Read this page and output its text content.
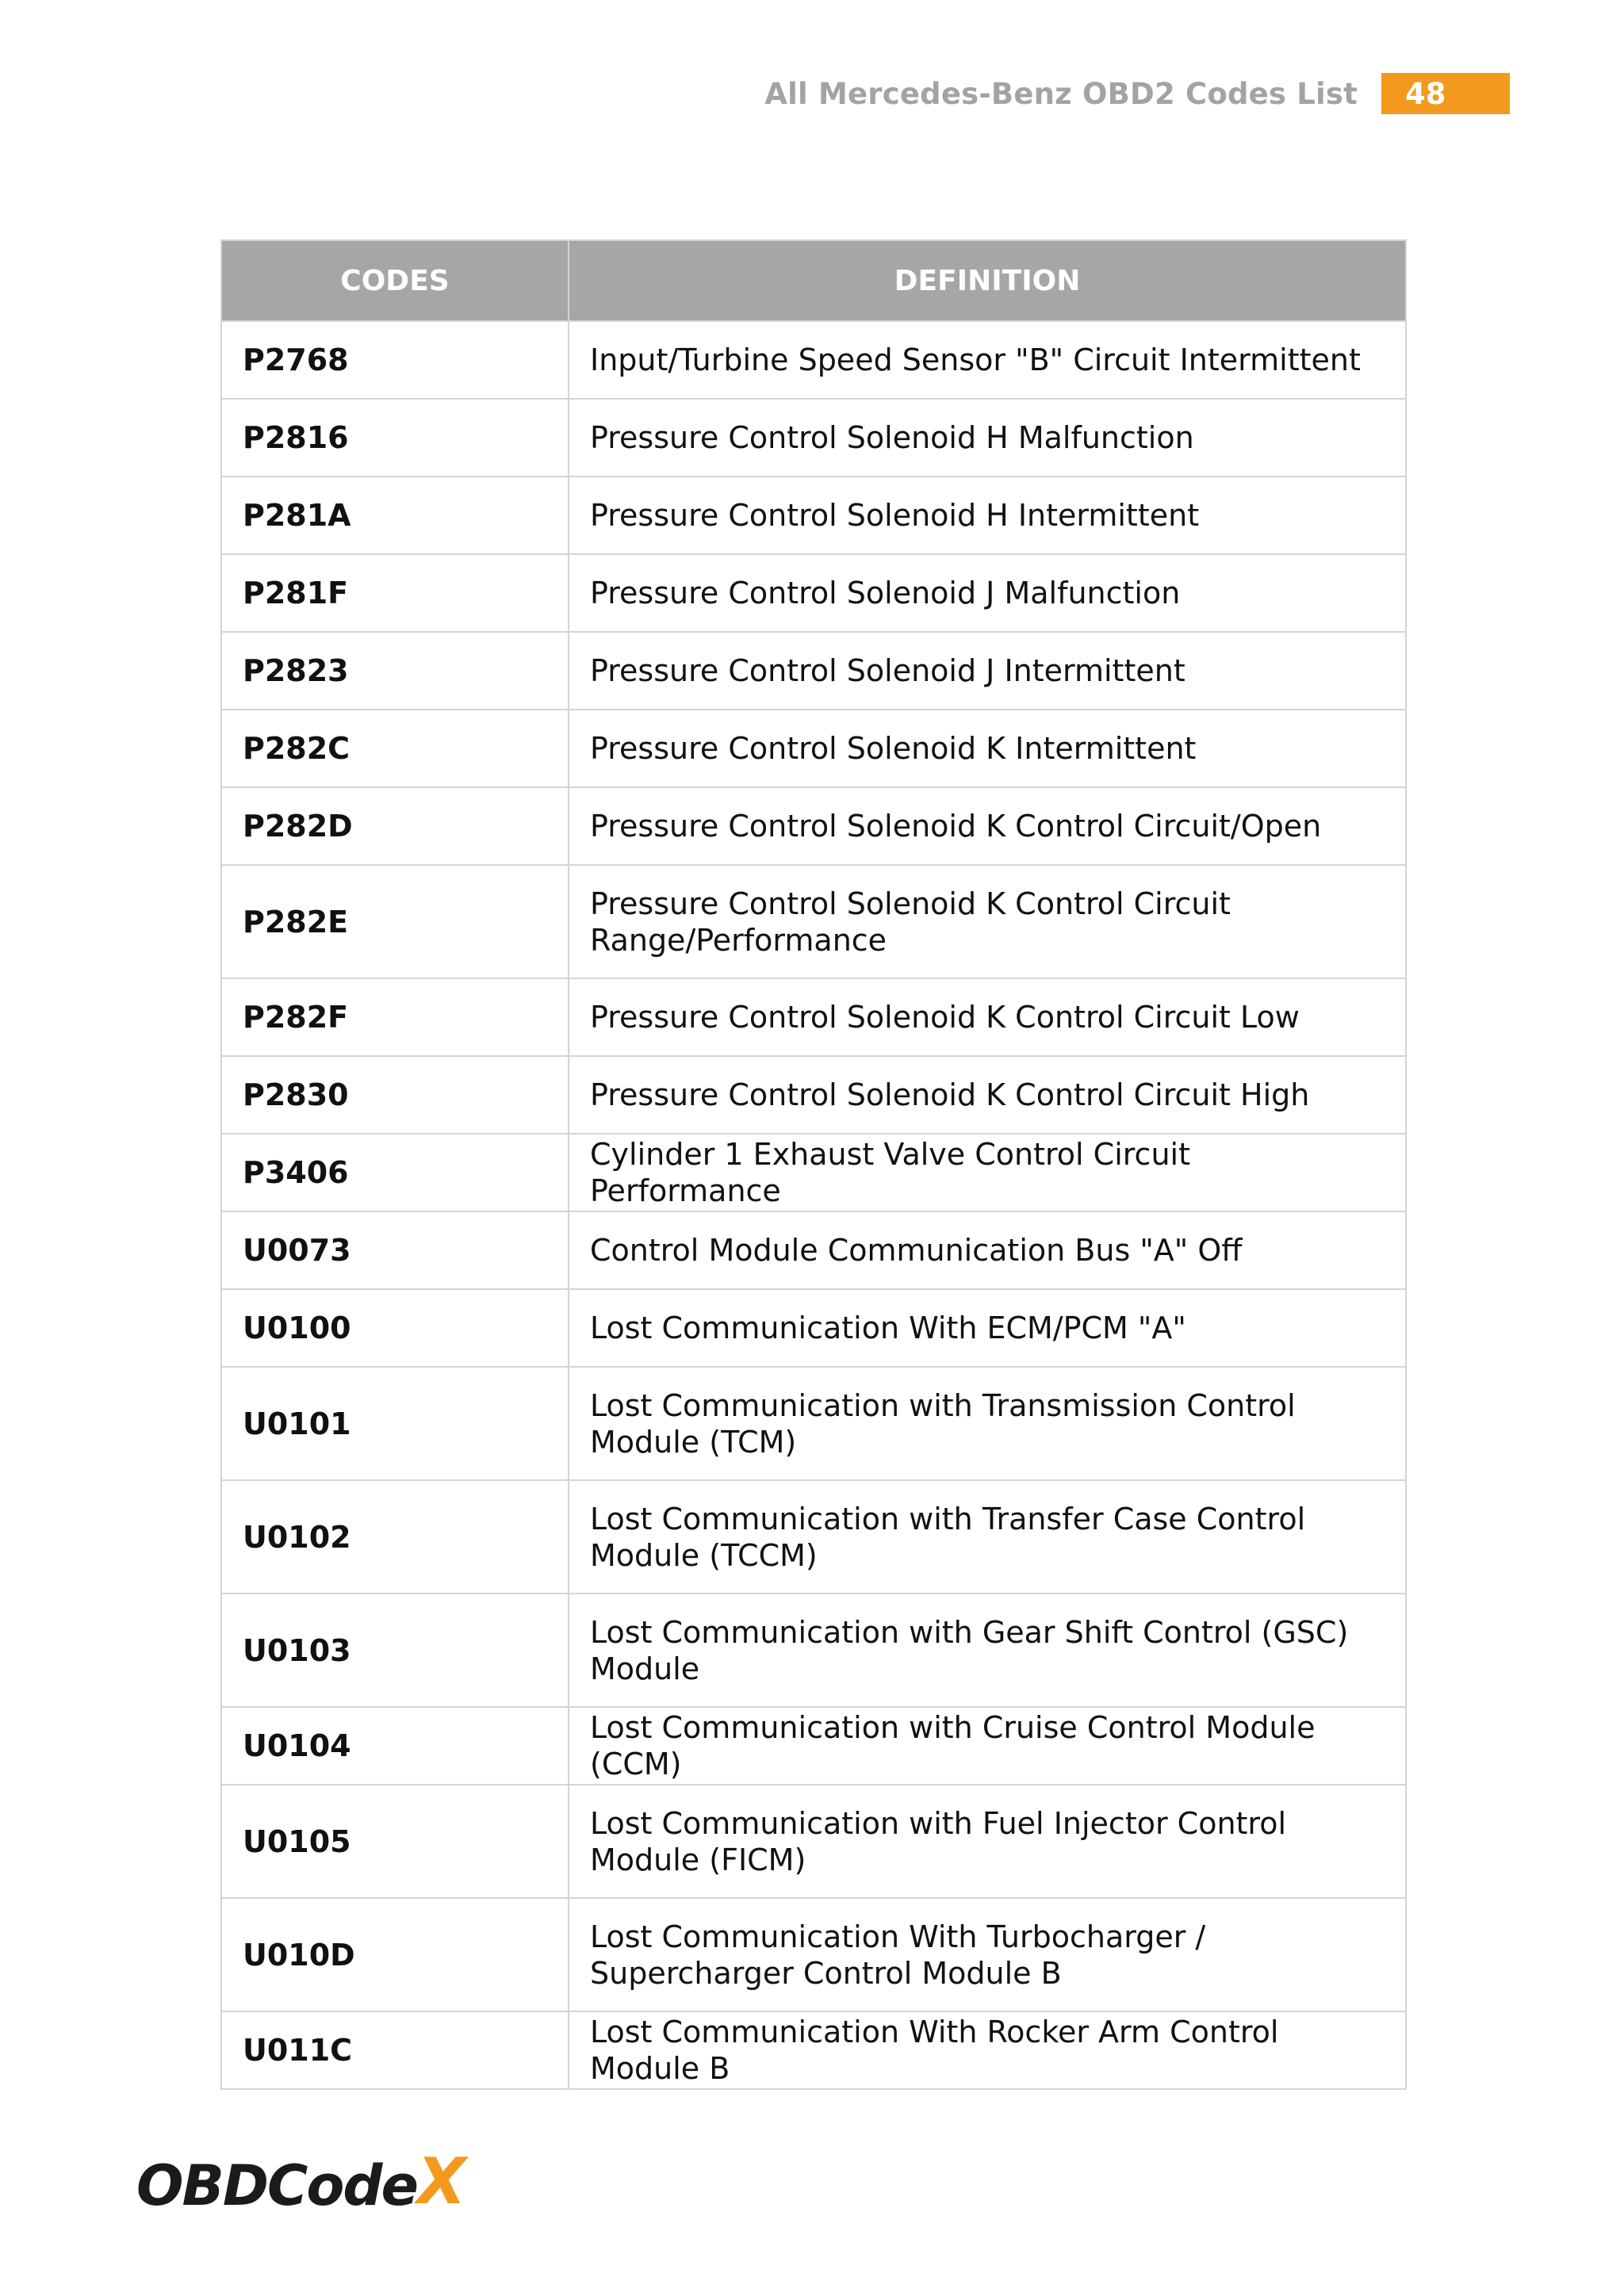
All Mercedes-Benz OBD2 Codes List	48
CODES	DEFINITION
P2768	Input/Turbine Speed Sensor "B" Circuit Intermittent
P2816	Pressure Control Solenoid H Malfunction
P281A	Pressure Control Solenoid H Intermittent
P281F	Pressure Control Solenoid J Malfunction
P2823	Pressure Control Solenoid J Intermittent
P282C	Pressure Control Solenoid K Intermittent
P282D	Pressure Control Solenoid K Control Circuit/Open
P282E	Pressure Control Solenoid K Control Circuit Range/Performance
P282F	Pressure Control Solenoid K Control Circuit Low
P2830	Pressure Control Solenoid K Control Circuit High
P3406	Cylinder 1 Exhaust Valve Control Circuit Performance
U0073	Control Module Communication Bus "A" Off
U0100	Lost Communication With ECM/PCM "A"
U0101	Lost Communication with Transmission Control Module (TCM)
U0102	Lost Communication with Transfer Case Control Module (TCCM)
U0103	Lost Communication with Gear Shift Control (GSC) Module
U0104	Lost Communication with Cruise Control Module (CCM)
U0105	Lost Communication with Fuel Injector Control Module (FICM)
U010D	Lost Communication With Turbocharger / Supercharger Control Module B
U011C	Lost Communication With Rocker Arm Control Module B
OBDCode X
